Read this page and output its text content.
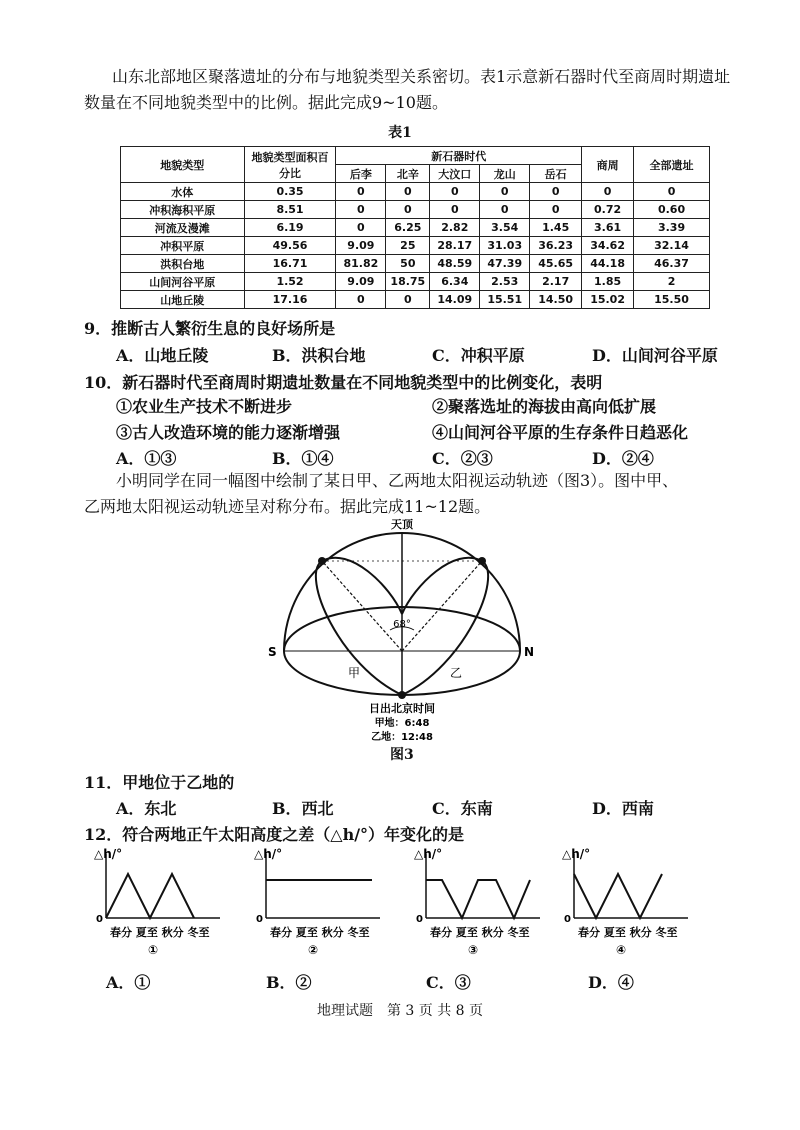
山东北部地区聚落遗址的分布与地貌类型关系密切。表1示意新石器时代至商周时期遗址
数量在不同地貌类型中的比例。据此完成9~10题。
表1
地貌类型	地貌类型面积百分比	新石器时代					商周	全部遗址
		后李	北辛	大汶口	龙山	岳石		
水体	0.35	0	0	0	0	0	0	0
冲积海积平原	8.51	0	0	0	0	0	0.72	0.60
河流及漫滩	6.19	0	6.25	2.82	3.54	1.45	3.61	3.39
冲积平原	49.56	9.09	25	28.17	31.03	36.23	34.62	32.14
洪积台地	16.71	81.82	50	48.59	47.39	45.65	44.18	46.37
山间河谷平原	1.52	9.09	18.75	6.34	2.53	2.17	1.85	2
山地丘陵	17.16	0	0	14.09	15.51	14.50	15.02	15.50
9．推断古人繁衍生息的良好场所是
A．山地丘陵	B．洪积台地	C．冲积平原	D．山间河谷平原
10．新石器时代至商周时期遗址数量在不同地貌类型中的比例变化，表明
①农业生产技术不断进步	②聚落选址的海拔由高向低扩展
③古人改造环境的能力逐渐增强	④山间河谷平原的生存条件日趋恶化
A．①③	B．①④	C．②③	D．②④
小明同学在同一幅图中绘制了某日甲、乙两地太阳视运动轨迹（图3）。图中甲、
乙两地太阳视运动轨迹呈对称分布。据此完成11~12题。
天顶
S	N
68°
甲	乙
日出北京时间
甲地：6:48
乙地：12:48
图3
11．甲地位于乙地的
A．东北	B．西北	C．东南	D．西南
12．符合两地正午太阳高度之差（△h/°）年变化的是
△h/°
0
春分 夏至 秋分 冬至
①
△h/°
0
春分 夏至 秋分 冬至
②
△h/°
0
春分 夏至 秋分 冬至
③
△h/°
0
春分 夏至 秋分 冬至
④
A．①	B．②	C．③	D．④
地理试题　第 3 页 共 8 页
